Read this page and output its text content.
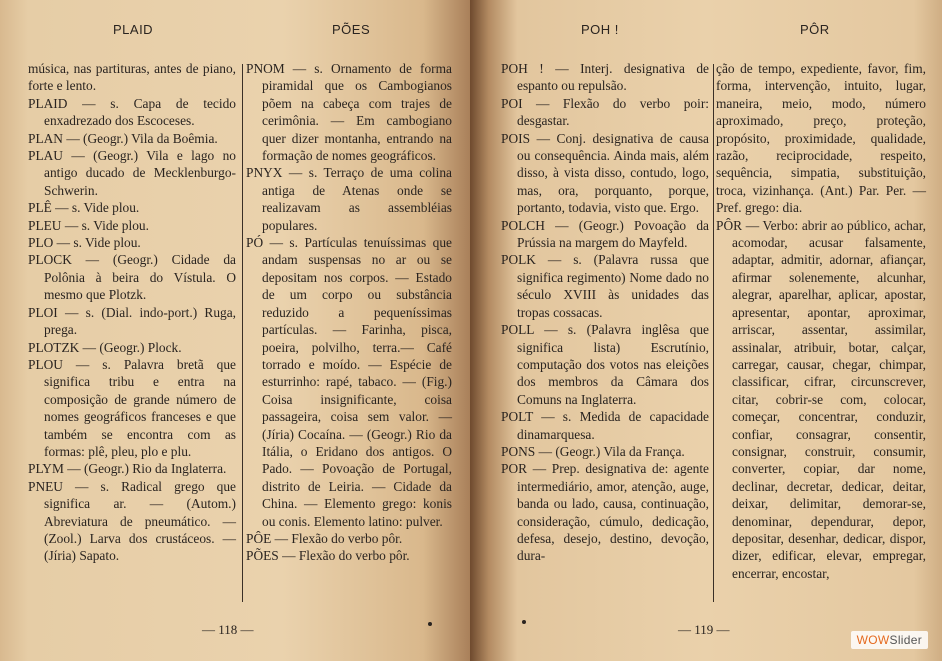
PLAID	PÕES

música, nas partituras, antes de piano, forte e lento.

PLAID — s. Capa de tecido enxadrezado dos Escoceses.

PLAN — (Geogr.) Vila da Boêmia.

PLAU — (Geogr.) Vila e lago no antigo ducado de Mecklenburgo-Schwerin.

PLÊ — s. Vide plou.

PLEU — s. Vide plou.

PLO — s. Vide plou.

PLOCK — (Geogr.) Cidade da Polônia à beira do Vístula. O mesmo que Plotzk.

PLOI — s. (Dial. indo-port.) Ruga, prega.

PLOTZK — (Geogr.) Plock.

PLOU — s. Palavra bretã que significa tribu e entra na composição de grande número de nomes geográficos franceses e que também se encontra com as formas: plê, pleu, plo e plu.

PLYM — (Geogr.) Rio da Inglaterra.

PNEU — s. Radical grego que significa ar. — (Autom.) Abreviatura de pneumático. — (Zool.) Larva dos crustáceos. — (Jíria) Sapato.

PNOM — s. Ornamento de forma piramidal que os Cambogianos põem na cabeça com trajes de cerimônia. — Em cambogiano quer dizer montanha, entrando na formação de nomes geográficos.

PNYX — s. Terraço de uma colina antiga de Atenas onde se realizavam as assembléias populares.

PÓ — s. Partículas tenuíssimas que andam suspensas no ar ou se depositam nos corpos. — Estado de um corpo ou substância reduzido a pequeníssimas partículas. — Farinha, pisca, poeira, polvilho, terra.— Café torrado e moído. — Espécie de esturrinho: rapé, tabaco. — (Fig.) Coisa insignificante, coisa passageira, coisa sem valor. — (Jíria) Cocaína. — (Geogr.) Rio da Itália, o Eridano dos antigos. O Pado. — Povoação de Portugal, distrito de Leiria. — Cidade da China. — Elemento grego: konis ou conis. Elemento latino: pulver.

PÔE — Flexão do verbo pôr.

PÕES — Flexão do verbo pôr.

— 118 —
POH !	PÔR

POH ! — Interj. designativa de espanto ou repulsão.

POI — Flexão do verbo poir: desgastar.

POIS — Conj. designativa de causa ou consequência. Ainda mais, além disso, à vista disso, contudo, logo, mas, ora, porquanto, porque, portanto, todavia, visto que. Ergo.

POLCH — (Geogr.) Povoação da Prússia na margem do Mayfeld.

POLK — s. (Palavra russa que significa regimento) Nome dado no século XVIII às unidades das tropas cossacas.

POLL — s. (Palavra inglêsa que significa lista) Escrutínio, computação dos votos nas eleições dos membros da Câmara dos Comuns na Inglaterra.

POLT — s. Medida de capacidade dinamarquesa.

PONS — (Geogr.) Vila da França.

POR — Prep. designativa de: agente intermediário, amor, atenção, auge, banda ou lado, causa, continuação, consideração, cúmulo, dedicação, defesa, desejo, destino, devoção, dura-

ção de tempo, expediente, favor, fim, forma, intervenção, intuito, lugar, maneira, meio, modo, número aproximado, preço, proteção, propósito, proximidade, qualidade, razão, reciprocidade, respeito, sequência, simpatia, substituição, troca, vizinhança. (Ant.) Par. Per. — Pref. grego: dia.

PÔR — Verbo: abrir ao público, achar, acomodar, acusar falsamente, adaptar, admitir, adornar, afiançar, afirmar solenemente, alcunhar, alegrar, aparelhar, aplicar, apostar, apresentar, apontar, aproximar, arriscar, assentar, assimilar, assinalar, atribuir, botar, calçar, carregar, causar, chegar, chimpar, classificar, cifrar, circunscrever, citar, cobrir-se com, colocar, começar, concentrar, conduzir, confiar, consagrar, consentir, consignar, construir, consumir, converter, copiar, dar nome, declinar, decretar, dedicar, deitar, deixar, delimitar, demorar-se, denominar, dependurar, depor, depositar, desenhar, dedicar, dispor, dizer, edificar, elevar, empregar, encerrar, encostar,

— 119 —
WOWSlider
